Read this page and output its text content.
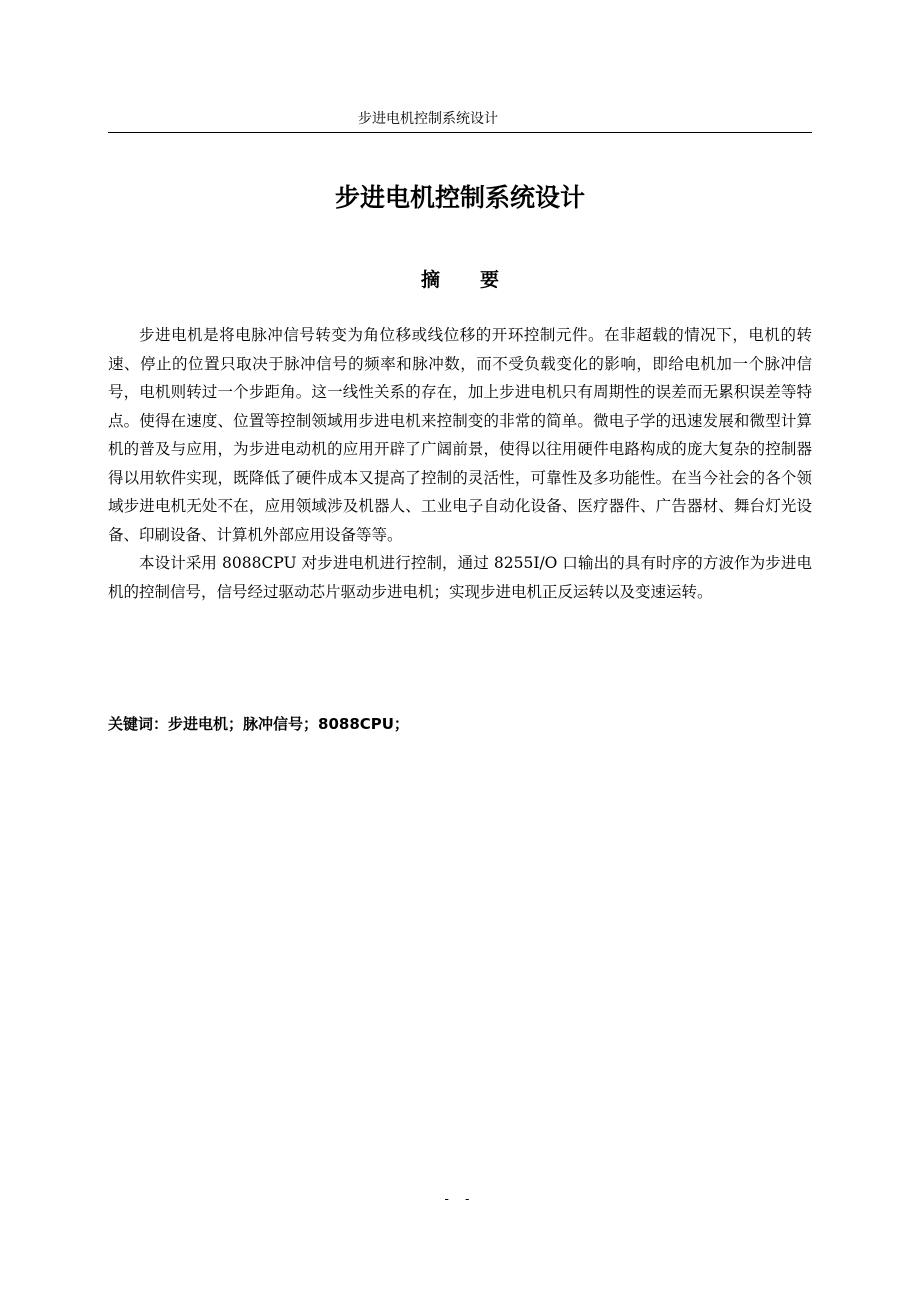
步进电机控制系统设计
步进电机控制系统设计
摘要

步进电机是将电脉冲信号转变为角位移或线位移的开环控制元件。在非超载的情况下，电机的转速、停止的位置只取决于脉冲信号的频率和脉冲数，而不受负载变化的影响，即给电机加一个脉冲信号，电机则转过一个步距角。这一线性关系的存在，加上步进电机只有周期性的误差而无累积误差等特点。使得在速度、位置等控制领域用步进电机来控制变的非常的简单。微电子学的迅速发展和微型计算机的普及与应用，为步进电动机的应用开辟了广阔前景，使得以往用硬件电路构成的庞大复杂的控制器得以用软件实现，既降低了硬件成本又提高了控制的灵活性，可靠性及多功能性。在当今社会的各个领域步进电机无处不在，应用领域涉及机器人、工业电子自动化设备、医疗器件、广告器材、舞台灯光设备、印刷设备、计算机外部应用设备等等。

本设计采用 8088CPU 对步进电机进行控制，通过 8255I/O 口输出的具有时序的方波作为步进电机的控制信号，信号经过驱动芯片驱动步进电机；实现步进电机正反运转以及变速运转。

关键词：步进电机；脉冲信号；8088CPU；
- -
